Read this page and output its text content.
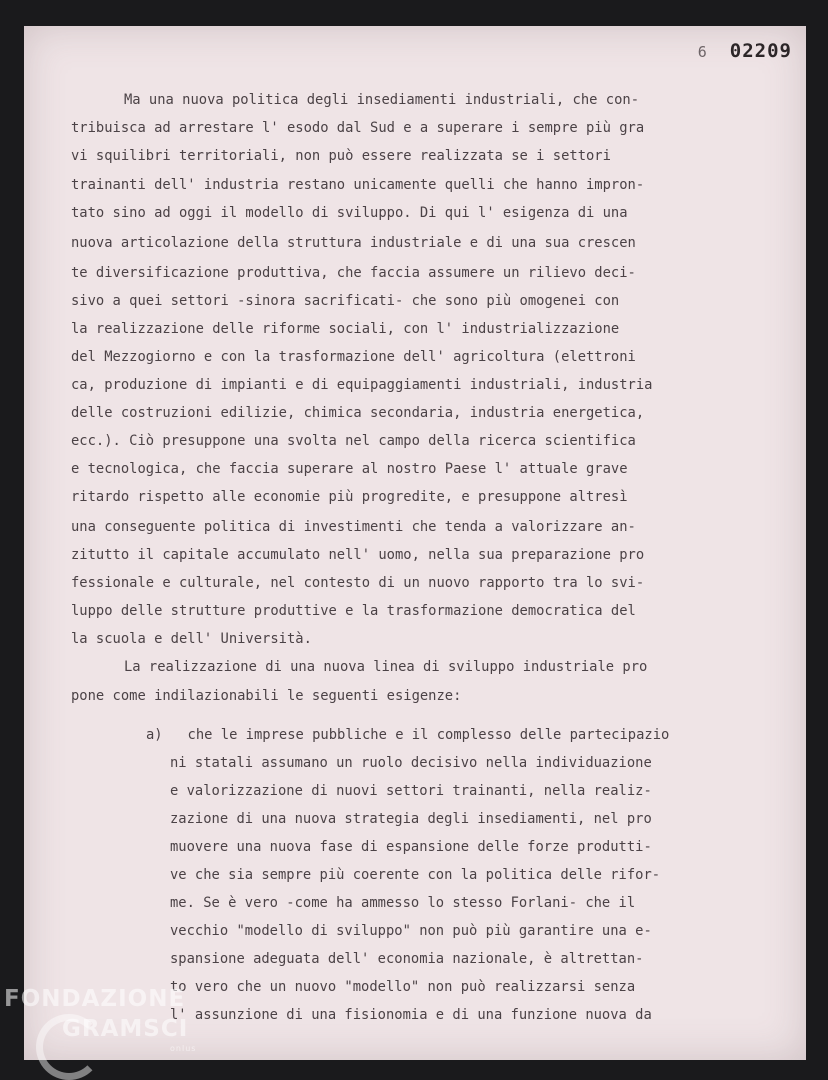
6 02209
Ma una nuova politica degli insediamenti industriali, che con-
tribuisca ad arrestare l' esodo dal Sud e a superare i sempre più gra
vi squilibri territoriali, non può essere realizzata se i settori
trainanti dell' industria restano unicamente quelli che hanno impron-
tato sino ad oggi il modello di sviluppo. Di qui l' esigenza di una
nuova articolazione della struttura industriale e di una sua crescen
te diversificazione produttiva, che faccia assumere un rilievo deci-
sivo a quei settori -sinora sacrificati- che sono più omogenei con
la realizzazione delle riforme sociali, con l' industrializzazione
del Mezzogiorno e con la trasformazione dell' agricoltura (elettroni
ca, produzione di impianti e di equipaggiamenti industriali, industria
delle costruzioni edilizie, chimica secondaria, industria energetica,
ecc.). Ciò presuppone una svolta nel campo della ricerca scientifica
e tecnologica, che faccia superare al nostro Paese l' attuale grave
ritardo rispetto alle economie più progredite, e presuppone altresì
una conseguente politica di investimenti che tenda a valorizzare an-
zitutto il capitale accumulato nell' uomo, nella sua preparazione pro
fessionale e culturale, nel contesto di un nuovo rapporto tra lo svi-
luppo delle strutture produttive e la trasformazione democratica del
la scuola e dell' Università.
La realizzazione di una nuova linea di sviluppo industriale pro
pone come indilazionabili le seguenti esigenze:
a)   che le imprese pubbliche e il complesso delle partecipazio
ni statali assumano un ruolo decisivo nella individuazione
e valorizzazione di nuovi settori trainanti, nella realiz-
zazione di una nuova strategia degli insediamenti, nel pro
muovere una nuova fase di espansione delle forze produtti-
ve che sia sempre più coerente con la politica delle rifor-
me. Se è vero -come ha ammesso lo stesso Forlani- che il
vecchio "modello di sviluppo" non può più garantire una e-
spansione adeguata dell' economia nazionale, è altrettan-
to vero che un nuovo "modello" non può realizzarsi senza
l' assunzione di una fisionomia e di una funzione nuova da
FONDAZIONE
GRAMSCI
onlus
